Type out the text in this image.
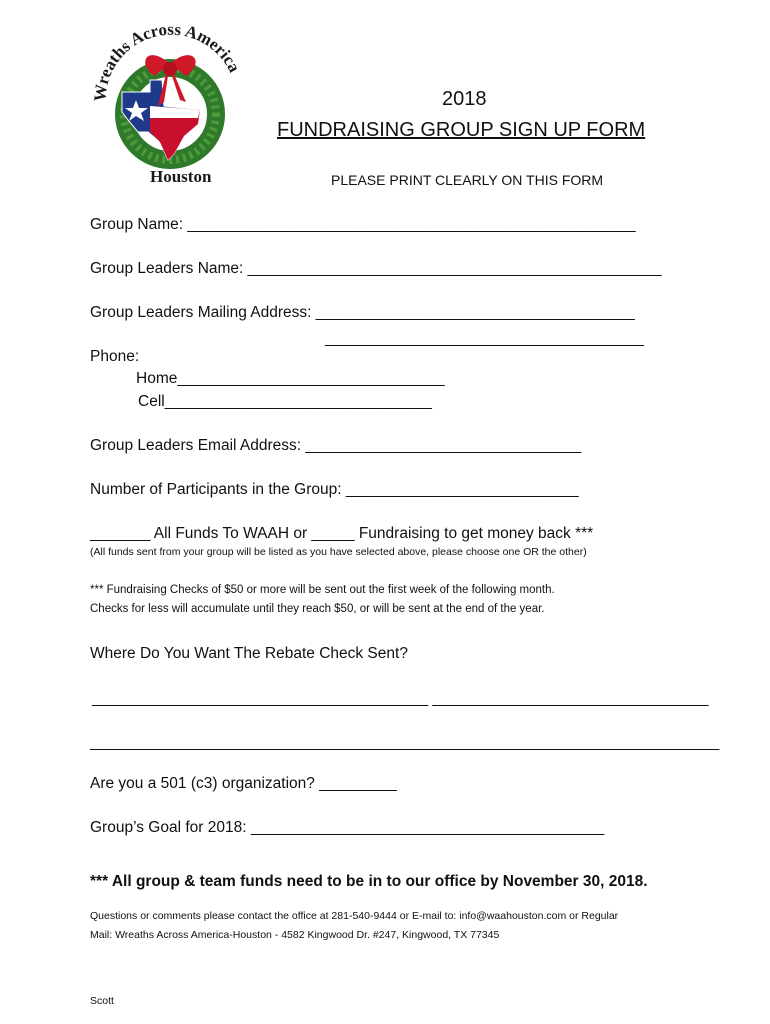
Wreaths Across America
Houston
2018
FUNDRAISING GROUP SIGN UP FORM
PLEASE PRINT CLEARLY ON THIS FORM
Group Name: ____________________________________________________
Group Leaders Name: ________________________________________________
Group Leaders Mailing Address: _____________________________________
_____________________________________
Phone:
Home_______________________________
Cell_______________________________
Group Leaders Email Address: ________________________________
Number of Participants in the Group: ___________________________
_______ All Funds To WAAH or _____ Fundraising to get money back ***
(All funds sent from your group will be listed as you have selected above, please choose one OR the other)
*** Fundraising Checks of $50 or more will be sent out the first week of the following month.
Checks for less will accumulate until they reach $50, or will be sent at the end of the year.
Where Do You Want The Rebate Check Sent?
_______________________________________ ________________________________
_________________________________________________________________________
Are you a 501 (c3) organization? _________
Group’s Goal for 2018: _________________________________________
*** All group & team funds need to be in to our office by November 30, 2018.
Questions or comments please contact the office at 281-540-9444 or E-mail to: info@waahouston.com or Regular
Mail: Wreaths Across America-Houston - 4582 Kingwood Dr. #247, Kingwood, TX 77345
Scott
